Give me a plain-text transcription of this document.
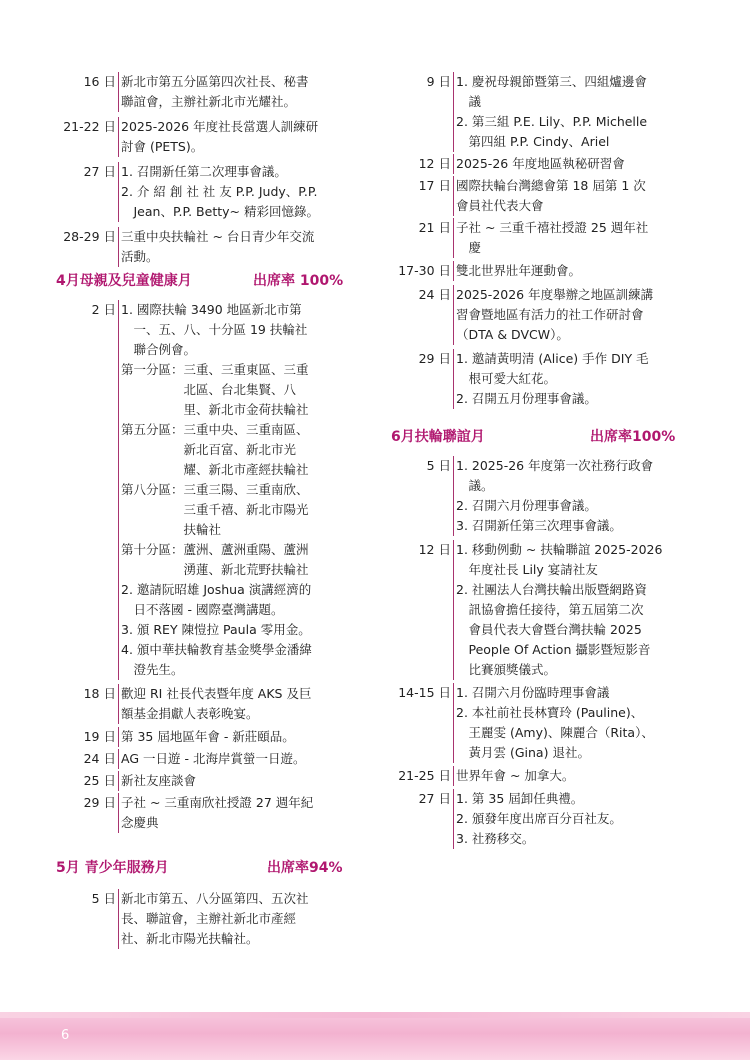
16 日 新北市第五分區第四次社長、秘書
聯誼會，主辦社新北市光耀社。
21-22 日 2025-2026 年度社長當選人訓練研
討會 (PETS)。
27 日 1. 召開新任第二次理事會議。
2. 介 紹 創 社 社 友 P.P. Judy、P.P.
　Jean、P.P. Betty~ 精彩回憶錄。
28-29 日 三重中央扶輪社 ~ 台日青少年交流
活動。
4月母親及兒童健康月	出席率 100%
2 日 1. 國際扶輪 3490 地區新北市第
　一、五、八、十分區 19 扶輪社
　聯合例會。
第一分區：三重、三重東區、三重
　　　　　北區、台北集賢、八
　　　　　里、新北市金荷扶輪社
第五分區：三重中央、三重南區、
　　　　　新北百富、新北市光
　　　　　耀、新北市產經扶輪社
第八分區：三重三陽、三重南欣、
　　　　　三重千禧、新北市陽光
　　　　　扶輪社
第十分區：蘆洲、蘆洲重陽、蘆洲
　　　　　湧蓮、新北荒野扶輪社
2. 邀請阮昭雄 Joshua 演講經濟的
　日不落國 - 國際臺灣講題。
3. 頒 REY 陳愷拉 Paula 零用金。
4. 頒中華扶輪教育基金獎學金潘緯
　澄先生。
18 日 歡迎 RI 社長代表暨年度 AKS 及巨
額基金捐獻人表彰晚宴。
19 日 第 35 屆地區年會 - 新莊頤品。
24 日 AG 一日遊 - 北海岸賞螢一日遊。
25 日 新社友座談會
29 日 子社 ~ 三重南欣社授證 27 週年紀
念慶典
5月 青少年服務月	出席率94%
5 日 新北市第五、八分區第四、五次社
長、聯誼會，主辦社新北市產經
社、新北市陽光扶輪社。
9 日 1. 慶祝母親節暨第三、四組爐邊會
　議
2. 第三組 P.E. Lily、P.P. Michelle
　第四組 P.P. Cindy、Ariel
12 日 2025-26 年度地區執秘研習會
17 日 國際扶輪台灣總會第 18 屆第 1 次
會員社代表大會
21 日 子社 ~ 三重千禧社授證 25 週年社
　慶
17-30 日 雙北世界壯年運動會。
24 日 2025-2026 年度舉辦之地區訓練講
習會暨地區有活力的社工作研討會
（DTA & DVCW）。
29 日 1. 邀請黃明清 (Alice) 手作 DIY 毛
　根可愛大紅花。
2. 召開五月份理事會議。
6月扶輪聯誼月	出席率100%
5 日 1. 2025-26 年度第一次社務行政會
　議。
2. 召開六月份理事會議。
3. 召開新任第三次理事會議。
12 日 1. 移動例動 ~ 扶輪聯誼 2025-2026
　年度社長 Lily 宴請社友
2. 社團法人台灣扶輪出版暨網路資
　訊協會擔任接待，第五屆第二次
　會員代表大會暨台灣扶輪 2025
　People Of Action 攝影暨短影音
　比賽頒獎儀式。
14-15 日 1. 召開六月份臨時理事會議
2. 本社前社長林寶玲 (Pauline)、
　王麗雯 (Amy)、陳麗合（Rita）、
　黃月雲 (Gina) 退社。
21-25 日 世界年會 ~ 加拿大。
27 日 1. 第 35 屆卸任典禮。
2. 頒發年度出席百分百社友。
3. 社務移交。
6
